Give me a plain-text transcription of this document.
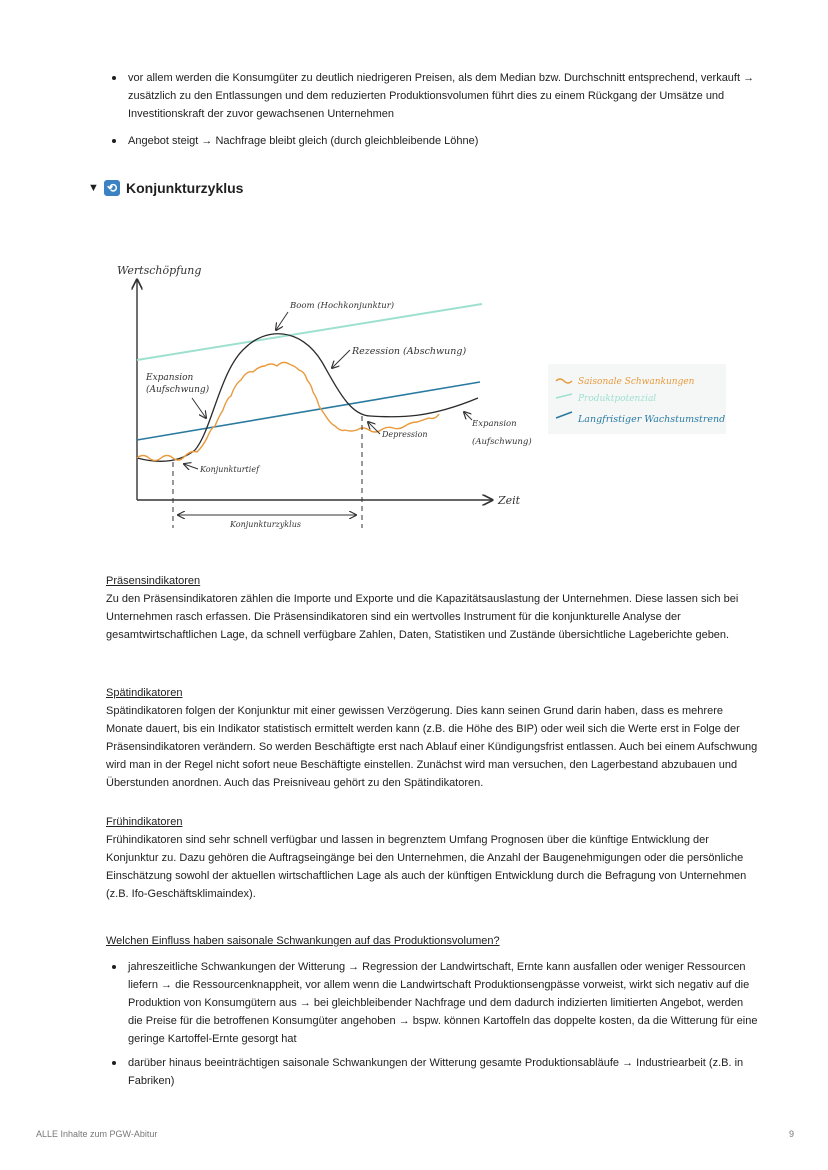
vor allem werden die Konsumgüter zu deutlich niedrigeren Preisen, als dem Median bzw. Durchschnitt entsprechend, verkauft → zusätzlich zu den Entlassungen und dem reduzierten Produktionsvolumen führt dies zu einem Rückgang der Umsätze und Investitionskraft der zuvor gewachsenen Unternehmen
Angebot steigt → Nachfrage bleibt gleich (durch gleichbleibende Löhne)
▼ ⟲ Konjunkturzyklus
Wertschöpfung
Zeit
Konjunkturzyklus
Boom (Hochkonjunktur)
Rezession (Abschwung)
Expansion
(Aufschwung)
Depression
Expansion
(Aufschwung)
Konjunkturtief
Saisonale Schwankungen
Produktpotenzial
Langfristiger Wachstumstrend
Präsensindikatoren

Zu den Präsensindikatoren zählen die Importe und Exporte und die Kapazitätsauslastung der Unternehmen. Diese lassen sich bei Unternehmen rasch erfassen. Die Präsensindikatoren sind ein wertvolles Instrument für die konjunkturelle Analyse der gesamtwirtschaftlichen Lage, da schnell verfügbare Zahlen, Daten, Statistiken und Zustände übersichtliche Lageberichte geben.

Spätindikatoren

Spätindikatoren folgen der Konjunktur mit einer gewissen Verzögerung. Dies kann seinen Grund darin haben, dass es mehrere Monate dauert, bis ein Indikator statistisch ermittelt werden kann (z.B. die Höhe des BIP) oder weil sich die Werte erst in Folge der Präsensindikatoren verändern. So werden Beschäftigte erst nach Ablauf einer Kündigungsfrist entlassen. Auch bei einem Aufschwung wird man in der Regel nicht sofort neue Beschäftigte einstellen. Zunächst wird man versuchen, den Lagerbestand abzubauen und Überstunden anordnen. Auch das Preisniveau gehört zu den Spätindikatoren.

Frühindikatoren

Frühindikatoren sind sehr schnell verfügbar und lassen in begrenztem Umfang Prognosen über die künftige Entwicklung der Konjunktur zu. Dazu gehören die Auftragseingänge bei den Unternehmen, die Anzahl der Baugenehmigungen oder die persönliche Einschätzung sowohl der aktuellen wirtschaftlichen Lage als auch der künftigen Entwicklung durch die Befragung von Unternehmen (z.B. Ifo-Geschäftsklimaindex).

Welchen Einfluss haben saisonale Schwankungen auf das Produktionsvolumen?
jahreszeitliche Schwankungen der Witterung → Regression der Landwirtschaft, Ernte kann ausfallen oder weniger Ressourcen liefern → die Ressourcenknappheit, vor allem wenn die Landwirtschaft Produktionsengpässe vorweist, wirkt sich negativ auf die Produktion von Konsumgütern aus → bei gleichbleibender Nachfrage und dem dadurch indizierten limitierten Angebot, werden die Preise für die betroffenen Konsumgüter angehoben → bspw. können Kartoffeln das doppelte kosten, da die Witterung für eine geringe Kartoffel-Ernte gesorgt hat
darüber hinaus beeinträchtigen saisonale Schwankungen der Witterung gesamte Produktionsabläufe → Industriearbeit (z.B. in Fabriken)
ALLE Inhalte zum PGW-Abitur	9
